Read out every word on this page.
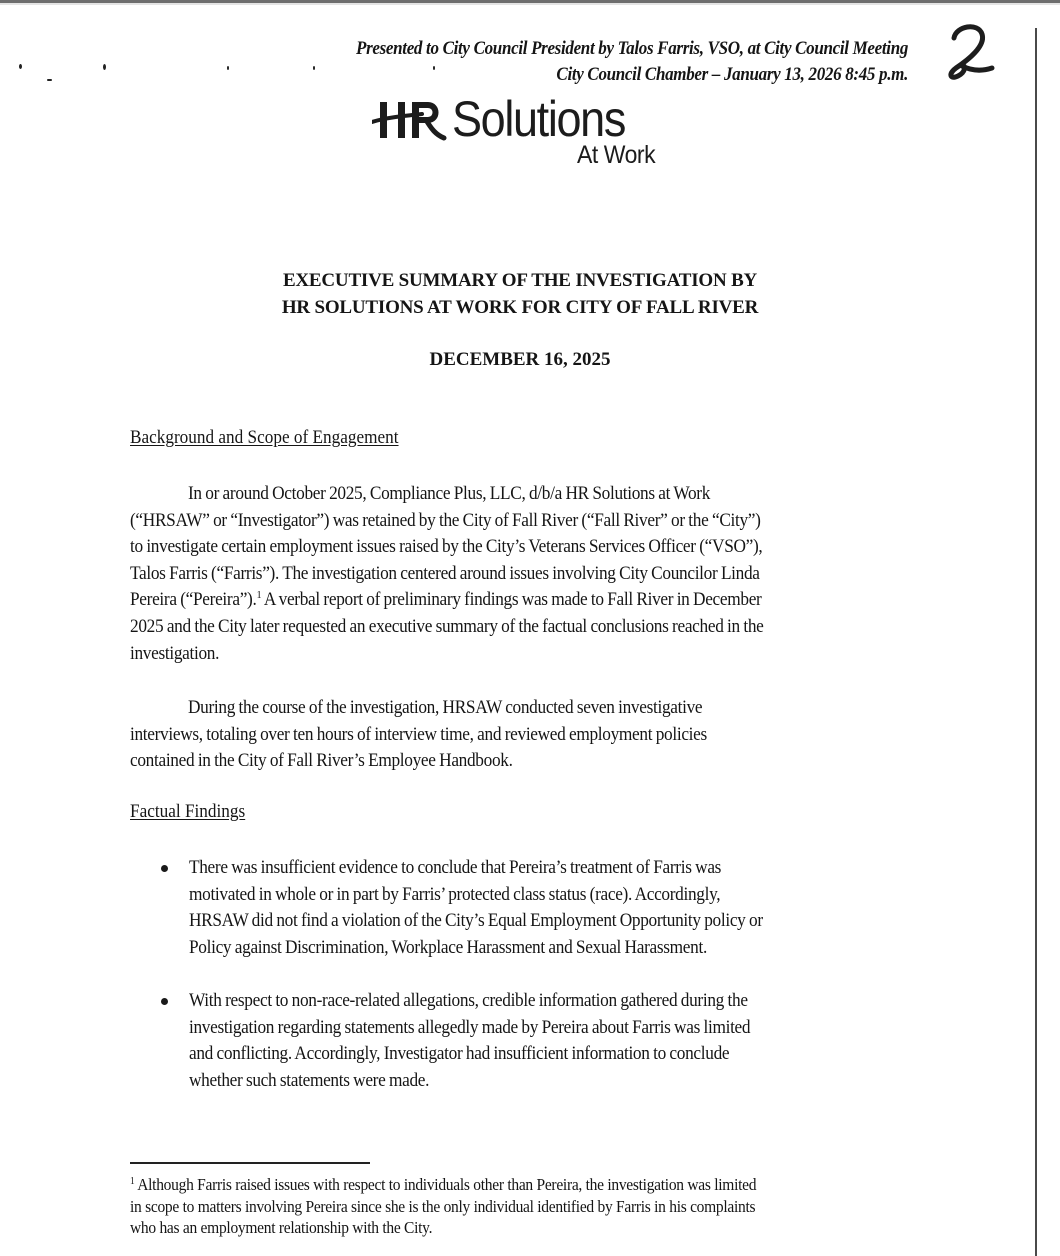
Presented to City Council President by Talos Farris, VSO, at City Council Meeting
City Council Chamber – January 13, 2026 8:45 p.m.
Solutions
At Work
EXECUTIVE SUMMARY OF THE INVESTIGATION BY
HR SOLUTIONS AT WORK FOR CITY OF FALL RIVER
DECEMBER 16, 2025
Background and Scope of Engagement
In or around October 2025, Compliance Plus, LLC, d/b/a HR Solutions at Work
(“HRSAW” or “Investigator”) was retained by the City of Fall River (“Fall River” or the “City”)
to investigate certain employment issues raised by the City’s Veterans Services Officer (“VSO”),
Talos Farris (“Farris”). The investigation centered around issues involving City Councilor Linda
Pereira (“Pereira”).$^1$ A verbal report of preliminary findings was made to Fall River in December
2025 and the City later requested an executive summary of the factual conclusions reached in the
investigation.
During the course of the investigation, HRSAW conducted seven investigative
interviews, totaling over ten hours of interview time, and reviewed employment policies
contained in the City of Fall River’s Employee Handbook.
Factual Findings
There was insufficient evidence to conclude that Pereira’s treatment of Farris was
motivated in whole or in part by Farris’ protected class status (race). Accordingly,
HRSAW did not find a violation of the City’s Equal Employment Opportunity policy or
Policy against Discrimination, Workplace Harassment and Sexual Harassment.
With respect to non-race-related allegations, credible information gathered during the
investigation regarding statements allegedly made by Pereira about Farris was limited
and conflicting. Accordingly, Investigator had insufficient information to conclude
whether such statements were made.
$^1$ Although Farris raised issues with respect to individuals other than Pereira, the investigation was limited
in scope to matters involving Pereira since she is the only individual identified by Farris in his complaints
who has an employment relationship with the City.
